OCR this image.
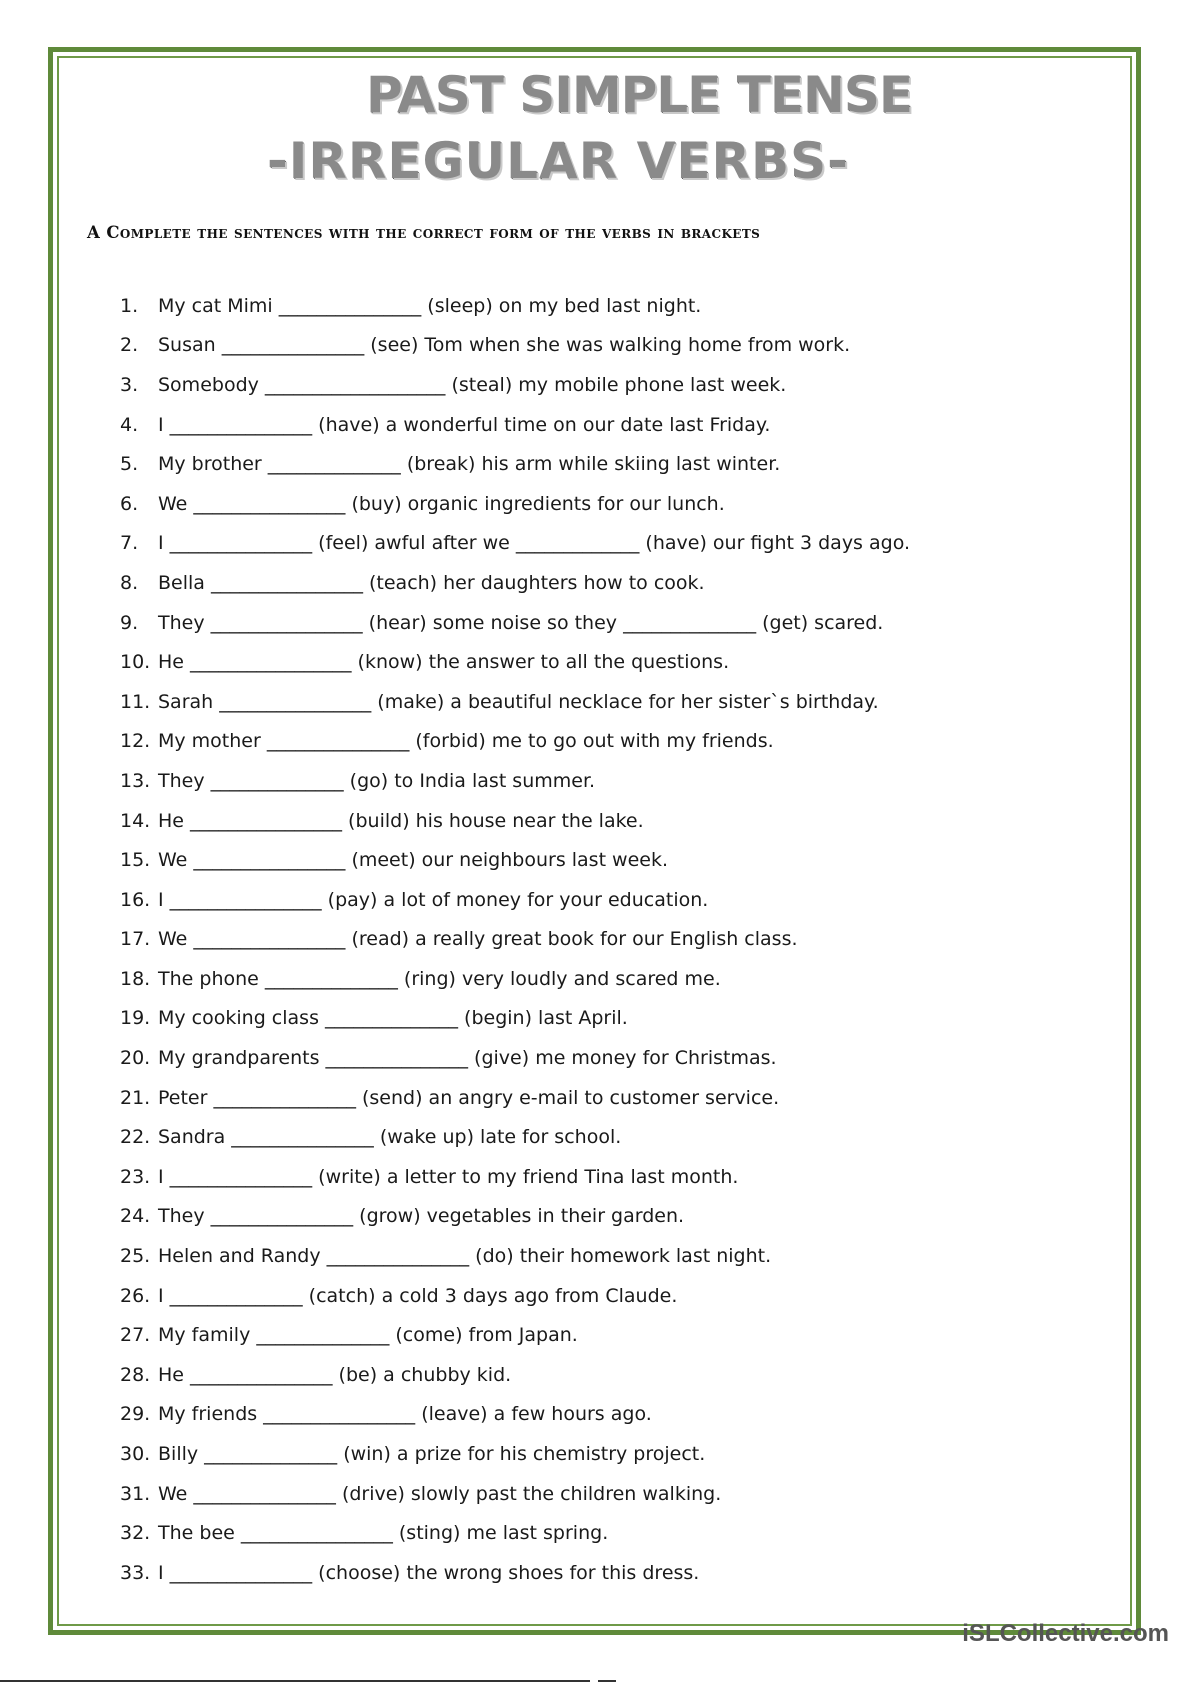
PAST SIMPLE TENSE
-IRREGULAR VERBS-

A Complete the sentences with the correct form of the verbs in brackets

1.	My cat Mimi _______________ (sleep) on my bed last night.
2.	Susan _______________ (see) Tom when she was walking home from work.
3.	Somebody ___________________ (steal) my mobile phone last week.
4.	I _______________ (have) a wonderful time on our date last Friday.
5.	My brother ______________ (break) his arm while skiing last winter.
6.	We ________________ (buy) organic ingredients for our lunch.
7.	I _______________ (feel) awful after we _____________ (have) our fight 3 days ago.
8.	Bella ________________ (teach) her daughters how to cook.
9.	They ________________ (hear) some noise so they ______________ (get) scared.
10. He _________________ (know) the answer to all the questions.
11. Sarah ________________ (make) a beautiful necklace for her sister`s birthday.
12. My mother _______________ (forbid) me to go out with my friends.
13. They ______________ (go) to India last summer.
14. He ________________ (build) his house near the lake.
15. We ________________ (meet) our neighbours last week.
16. I ________________ (pay) a lot of money for your education.
17. We ________________ (read) a really great book for our English class.
18. The phone ______________ (ring) very loudly and scared me.
19. My cooking class ______________ (begin) last April.
20. My grandparents _______________ (give) me money for Christmas.
21. Peter _______________ (send) an angry e-mail to customer service.
22. Sandra _______________ (wake up) late for school.
23. I _______________ (write) a letter to my friend Tina last month.
24. They _______________ (grow) vegetables in their garden.
25. Helen and Randy _______________ (do) their homework last night.
26. I ______________ (catch) a cold 3 days ago from Claude.
27. My family ______________ (come) from Japan.
28. He _______________ (be) a chubby kid.
29. My friends ________________ (leave) a few hours ago.
30. Billy ______________ (win) a prize for his chemistry project.
31. We _______________ (drive) slowly past the children walking.
32. The bee ________________ (sting) me last spring.
33. I _______________ (choose) the wrong shoes for this dress.

iSLCollective.com
